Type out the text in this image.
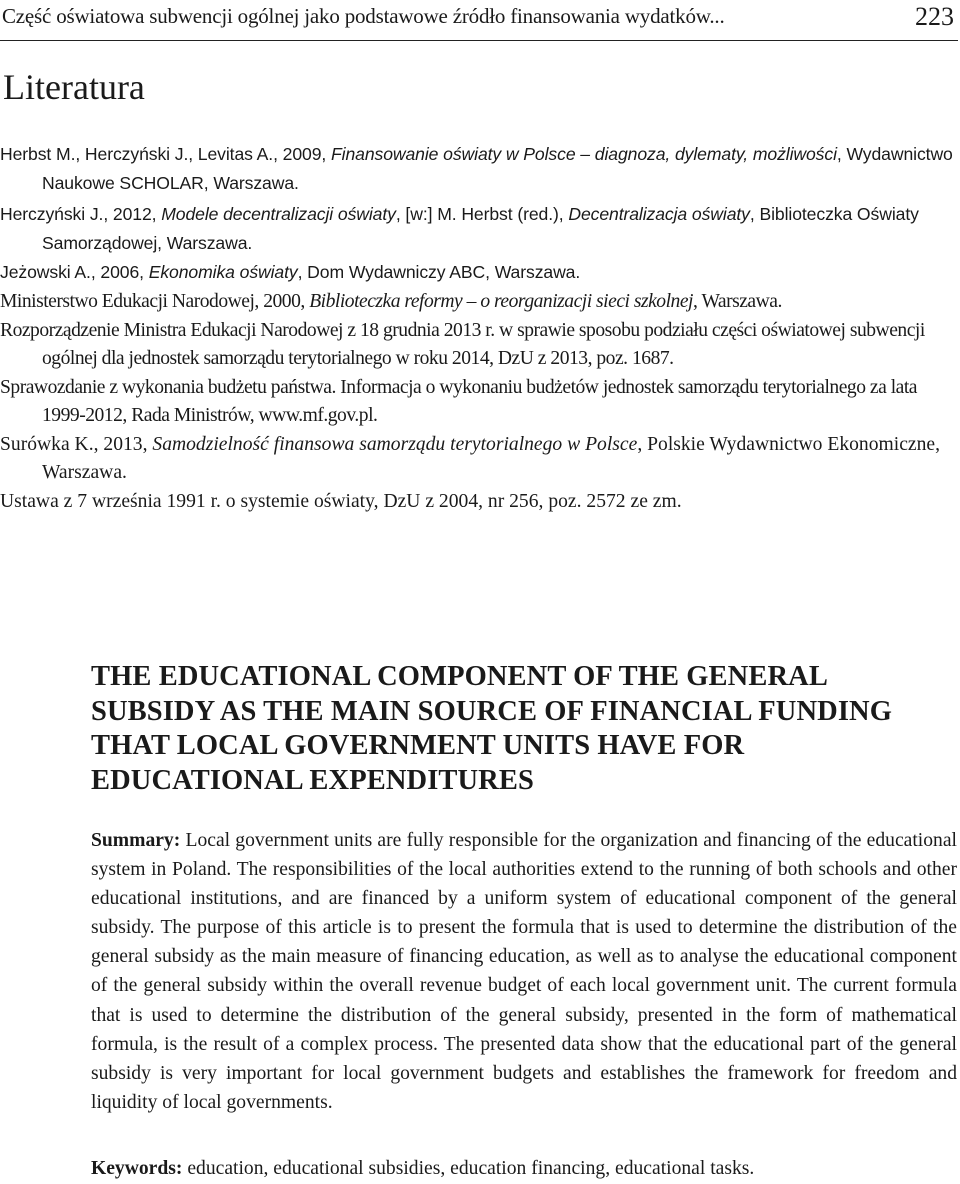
Część oświatowa subwencji ogólnej jako podstawowe źródło finansowania wydatków...	223
Literatura
Herbst M., Herczyński J., Levitas A., 2009, Finansowanie oświaty w Polsce – diagnoza, dylematy, możliwości, Wydawnictwo Naukowe SCHOLAR, Warszawa.
Herczyński J., 2012, Modele decentralizacji oświaty, [w:] M. Herbst (red.), Decentralizacja oświaty, Biblioteczka Oświaty Samorządowej, Warszawa.
Jeżowski A., 2006, Ekonomika oświaty, Dom Wydawniczy ABC, Warszawa.
Ministerstwo Edukacji Narodowej, 2000, Biblioteczka reformy – o reorganizacji sieci szkolnej, Warszawa.
Rozporządzenie Ministra Edukacji Narodowej z 18 grudnia 2013 r. w sprawie sposobu podziału części oświatowej subwencji ogólnej dla jednostek samorządu terytorialnego w roku 2014, DzU z 2013, poz. 1687.
Sprawozdanie z wykonania budżetu państwa. Informacja o wykonaniu budżetów jednostek samorządu terytorialnego za lata 1999-2012, Rada Ministrów, www.mf.gov.pl.
Surówka K., 2013, Samodzielność finansowa samorządu terytorialnego w Polsce, Polskie Wydawnictwo Ekonomiczne, Warszawa.
Ustawa z 7 września 1991 r. o systemie oświaty, DzU z 2004, nr 256, poz. 2572 ze zm.
THE EDUCATIONAL COMPONENT OF THE GENERAL SUBSIDY AS THE MAIN SOURCE OF FINANCIAL FUNDING THAT LOCAL GOVERNMENT UNITS HAVE FOR EDUCATIONAL EXPENDITURES

Summary: Local government units are fully responsible for the organization and financing of the educational system in Poland. The responsibilities of the local authorities extend to the running of both schools and other educational institutions, and are financed by a uniform system of educational component of the general subsidy. The purpose of this article is to present the formula that is used to determine the distribution of the general subsidy as the main measure of financing education, as well as to analyse the educational component of the general subsidy within the overall revenue budget of each local government unit. The current formula that is used to determine the distribution of the general subsidy, presented in the form of mathematical formula, is the result of a complex process. The presented data show that the educational part of the general subsidy is very important for local government budgets and establishes the framework for freedom and liquidity of local governments.

Keywords: education, educational subsidies, education financing, educational tasks.
